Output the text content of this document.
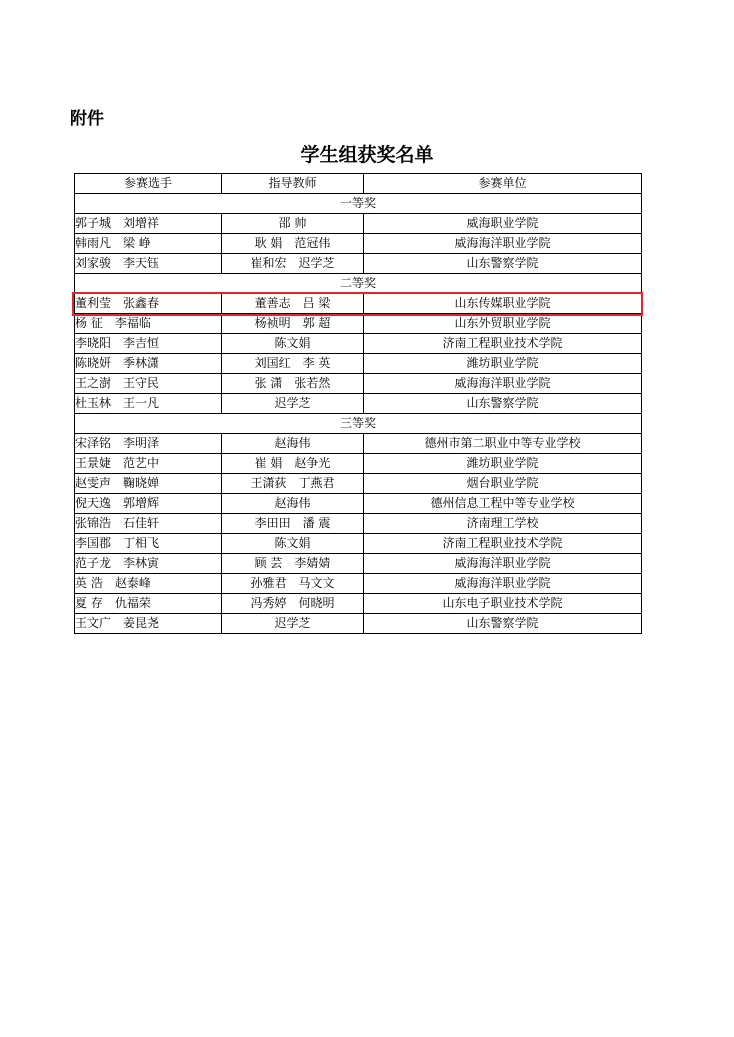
附件
学生组获奖名单
参赛选手	指导教师	参赛单位
一等奖		
郭子城 刘增祥	邵 帅	威海职业学院
韩雨凡 梁 峥	耿 娟 范冠伟	威海海洋职业学院
刘家骏 李天钰	崔和宏 迟学芝	山东警察学院
二等奖		
董利莹 张鑫春	董善志 吕 梁	山东传媒职业学院
杨 征 李福临	杨祯明 郭 超	山东外贸职业学院
李晓阳 李吉恒	陈文娟	济南工程职业技术学院
陈晓妍 季林潇	刘国红 李 英	潍坊职业学院
王之澍 王守民	张 潇 张若然	威海海洋职业学院
杜玉林 王一凡	迟学芝	山东警察学院
三等奖		
宋泽铭 李明泽	赵海伟	德州市第二职业中等专业学校
王景婕 范艺中	崔 娟 赵争光	潍坊职业学院
赵雯声 鞠晓婵	王潇荻 丁燕君	烟台职业学院
倪天逸 郭增辉	赵海伟	德州信息工程中等专业学校
张锦浩 石佳轩	李田田 潘 震	济南理工学校
李国郡 丁相飞	陈文娟	济南工程职业技术学院
范子龙 李林寅	顾 芸 李婧婧	威海海洋职业学院
英 浩 赵泰峰	孙雅君 马文文	威海海洋职业学院
夏 存 仇福荣	冯秀婷 何晓明	山东电子职业技术学院
王文广 姜昆尧	迟学芝	山东警察学院
